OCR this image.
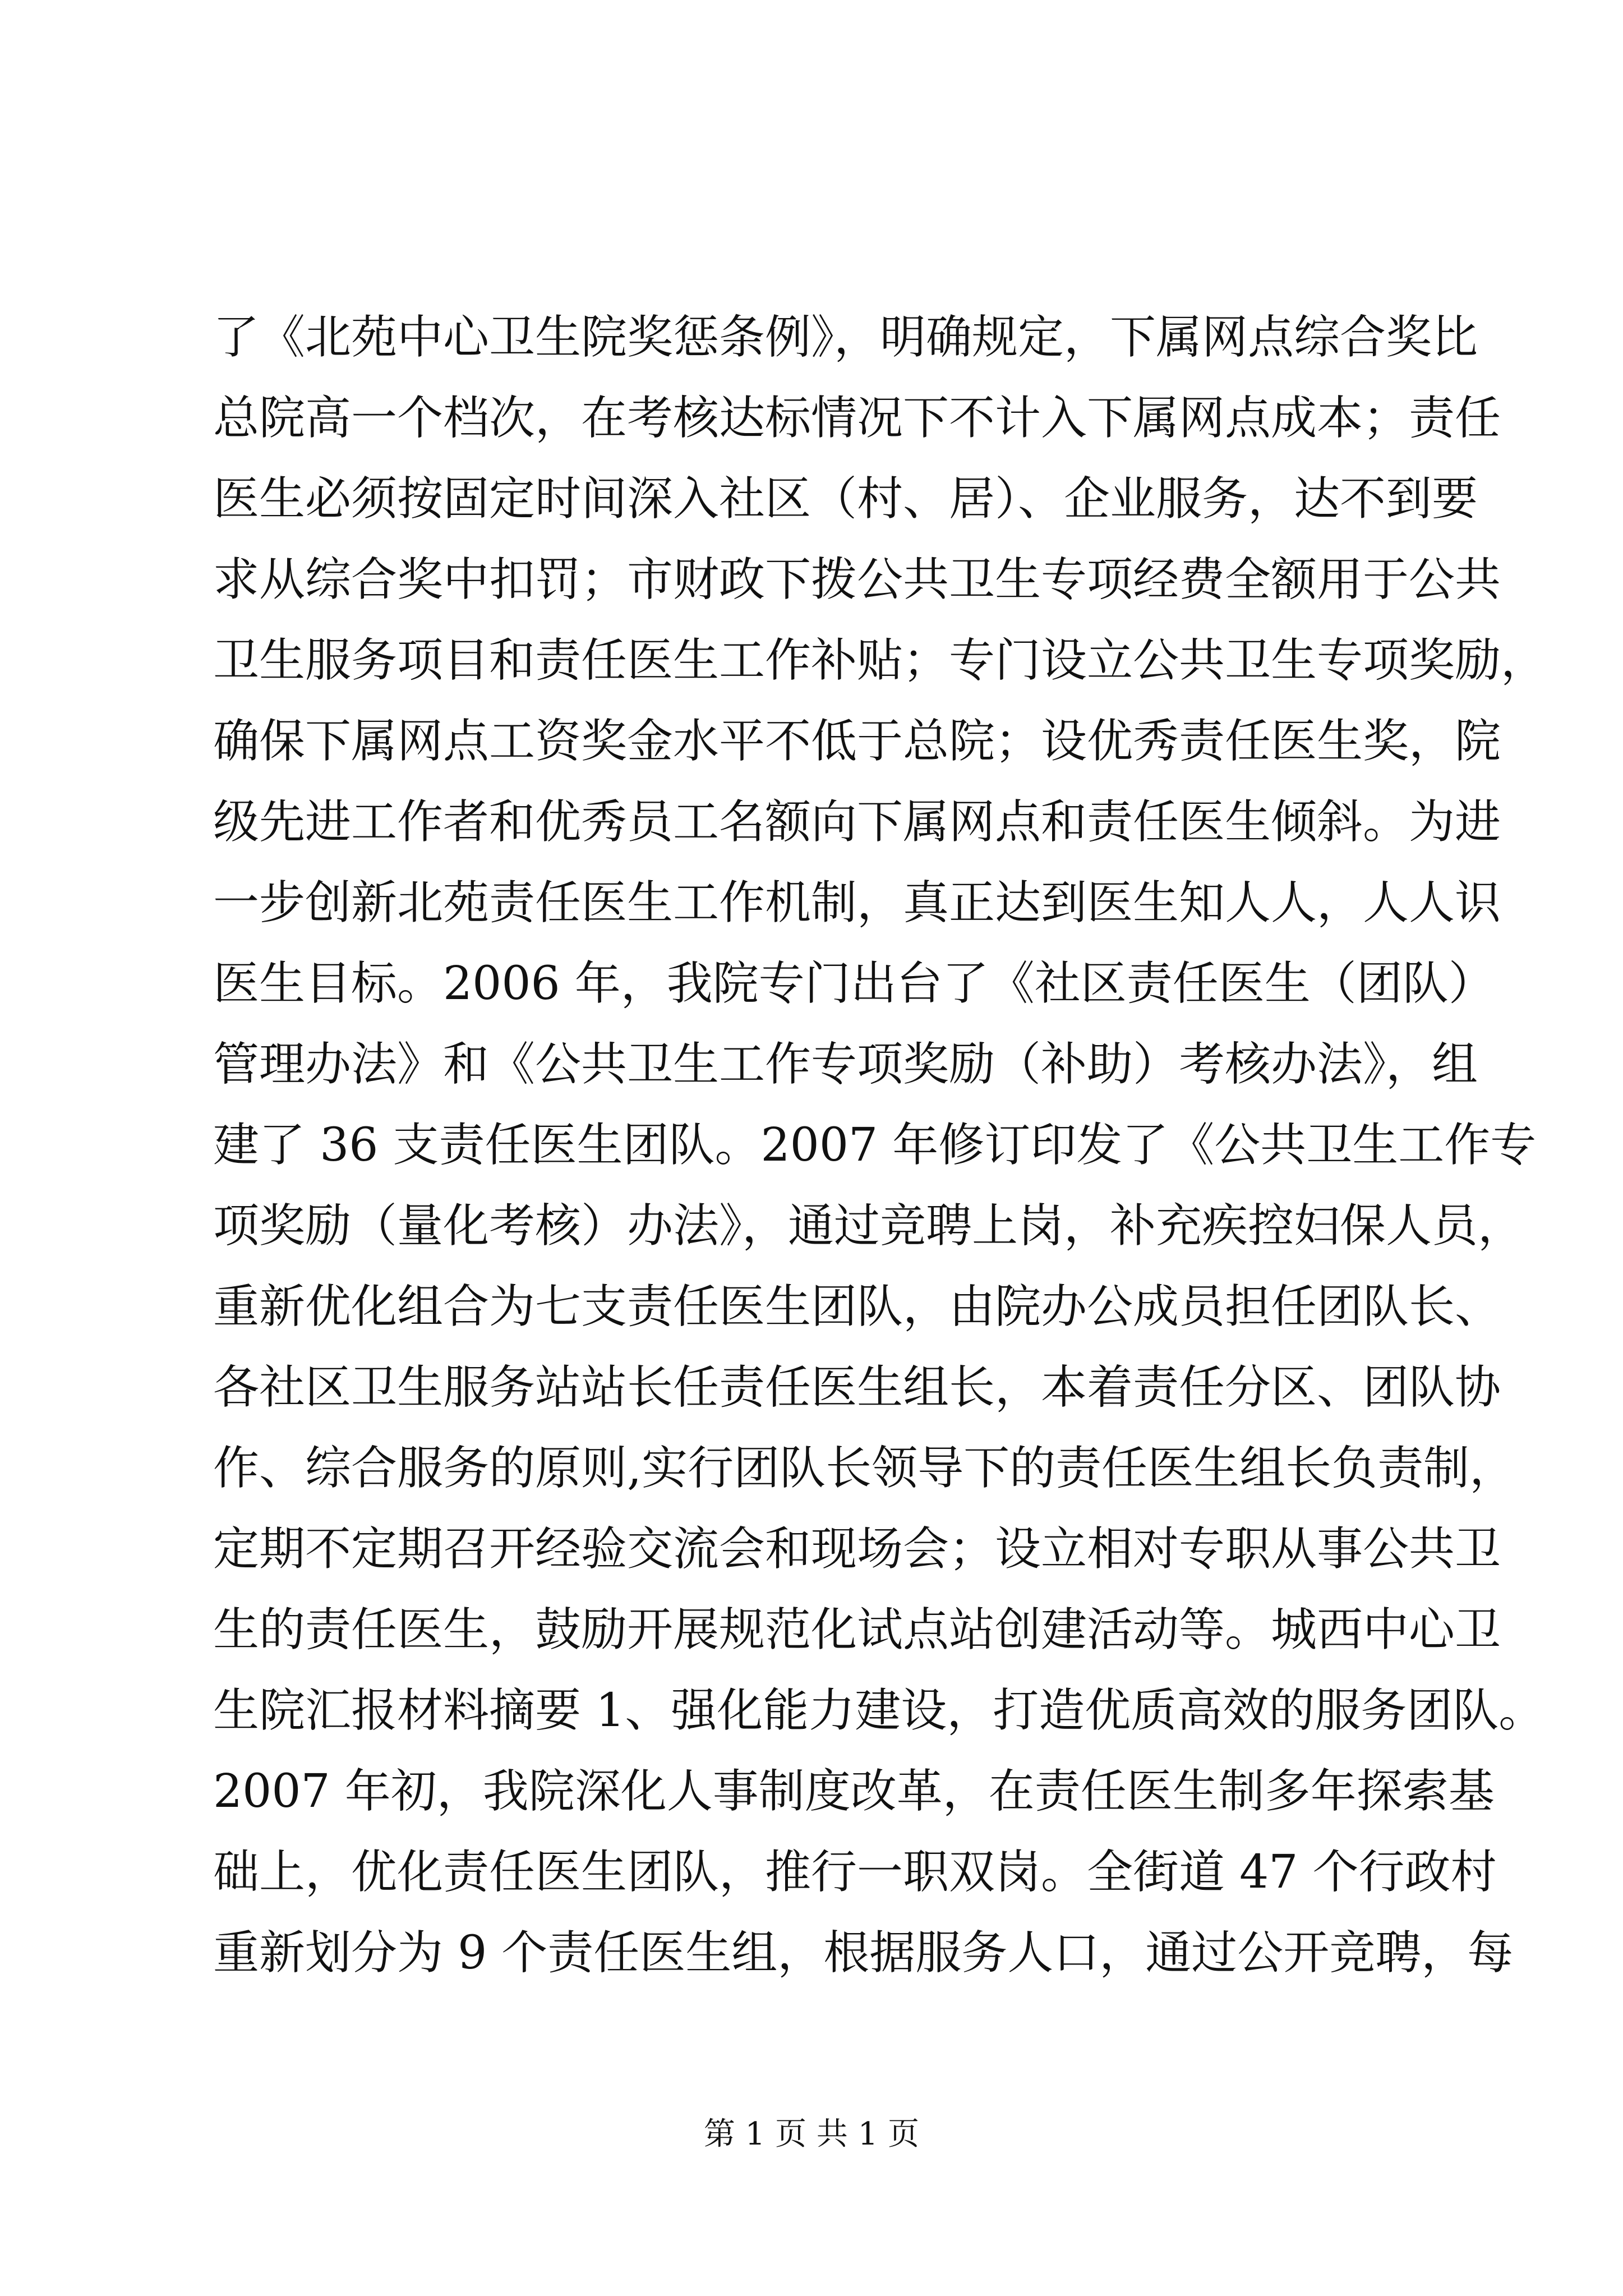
了《北苑中心卫生院奖惩条例》，明确规定，下属网点综合奖比
总院高一个档次，在考核达标情况下不计入下属网点成本；责任
医生必须按固定时间深入社区（村、居）、企业服务，达不到要
求从综合奖中扣罚；市财政下拨公共卫生专项经费全额用于公共
卫生服务项目和责任医生工作补贴；专门设立公共卫生专项奖励，
确保下属网点工资奖金水平不低于总院；设优秀责任医生奖，院
级先进工作者和优秀员工名额向下属网点和责任医生倾斜。为进
一步创新北苑责任医生工作机制，真正达到医生知人人，人人识
医生目标。2006 年，我院专门出台了《社区责任医生（团队）
管理办法》和《公共卫生工作专项奖励（补助）考核办法》，组
建了 36 支责任医生团队。2007 年修订印发了《公共卫生工作专
项奖励（量化考核）办法》，通过竞聘上岗，补充疾控妇保人员，
重新优化组合为七支责任医生团队，由院办公成员担任团队长、
各社区卫生服务站站长任责任医生组长，本着责任分区、团队协
作、综合服务的原则,实行团队长领导下的责任医生组长负责制，
定期不定期召开经验交流会和现场会；设立相对专职从事公共卫
生的责任医生，鼓励开展规范化试点站创建活动等。城西中心卫
生院汇报材料摘要 1、强化能力建设，打造优质高效的服务团队。
2007 年初，我院深化人事制度改革，在责任医生制多年探索基
础上，优化责任医生团队，推行一职双岗。全街道 47 个行政村
重新划分为 9 个责任医生组，根据服务人口，通过公开竞聘，每
第 1 页 共 1 页
